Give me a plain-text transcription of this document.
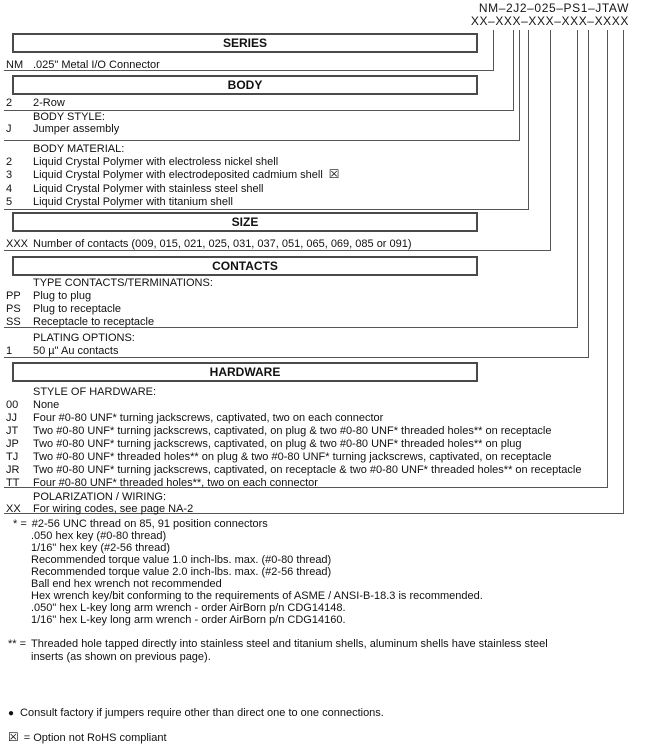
NM–2J2–025–PS1–JTAW
XX–XXX–XXX–XXX–XXXX
SERIES
NM .025" Metal I/O Connector
BODY
2	2-Row
BODY STYLE:
J	Jumper assembly
BODY MATERIAL:
2	Liquid Crystal Polymer with electroless nickel shell
3	Liquid Crystal Polymer with electrodeposited cadmium shell ☒
4	Liquid Crystal Polymer with stainless steel shell
5	Liquid Crystal Polymer with titanium shell
SIZE
XXX Number of contacts (009, 015, 021, 025, 031, 037, 051, 065, 069, 085 or 091)
CONTACTS
TYPE CONTACTS/TERMINATIONS:
PP	Plug to plug
PS	Plug to receptacle
SS	Receptacle to receptacle
PLATING OPTIONS:
1	50 µ" Au contacts
HARDWARE
STYLE OF HARDWARE:
00	None
JJ	Four #0-80 UNF* turning jackscrews, captivated, two on each connector
JT	Two #0-80 UNF* turning jackscrews, captivated, on plug & two #0-80 UNF* threaded holes** on receptacle
JP	Two #0-80 UNF* turning jackscrews, captivated, on plug & two #0-80 UNF* threaded holes** on plug
TJ	Two #0-80 UNF* threaded holes** on plug & two #0-80 UNF* turning jackscrews, captivated, on receptacle
JR	Two #0-80 UNF* turning jackscrews, captivated, on receptacle & two #0-80 UNF* threaded holes** on receptacle
TT	Four #0-80 UNF* threaded holes**, two on each connector
POLARIZATION / WIRING:
XX	For wiring codes, see page NA-2
* = #2-56 UNC thread on 85, 91 position connectors
.050 hex key (#0-80 thread)
1/16" hex key (#2-56 thread)
Recommended torque value 1.0 inch-lbs. max. (#0-80 thread)
Recommended torque value 2.0 inch-lbs. max. (#2-56 thread)
Ball end hex wrench not recommended
Hex wrench key/bit conforming to the requirements of ASME / ANSI-B-18.3 is recommended.
.050" hex L-key long arm wrench - order AirBorn p/n CDG14148.
1/16" hex L-key long arm wrench - order AirBorn p/n CDG14160.
** = Threaded hole tapped directly into stainless steel and titanium shells, aluminum shells have stainless steel
inserts (as shown on previous page).
● Consult factory if jumpers require other than direct one to one connections.
☒ = Option not RoHS compliant
